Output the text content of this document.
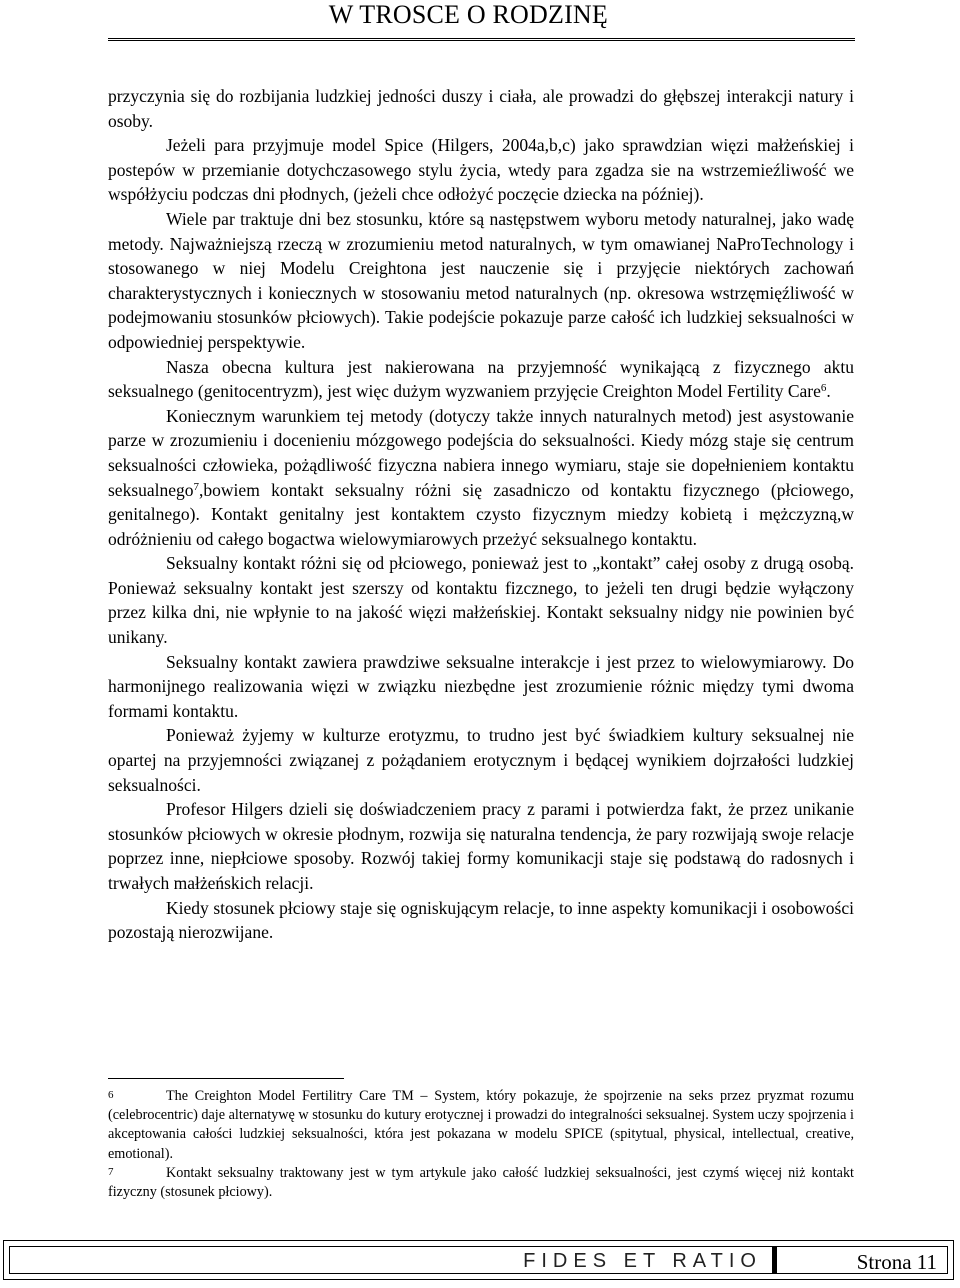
W TROSCE O RODZINĘ

przyczynia się do rozbijania ludzkiej jedności duszy i ciała, ale prowadzi do głębszej interakcji natury i osoby.

Jeżeli para przyjmuje model Spice (Hilgers, 2004a,b,c) jako sprawdzian więzi małżeńskiej i postepów w przemianie dotychczasowego stylu życia, wtedy para zgadza sie na wstrzemieźliwość we współżyciu podczas dni płodnych, (jeżeli chce odłożyć poczęcie dziecka na później).

Wiele par traktuje dni bez stosunku, które są następstwem wyboru metody naturalnej, jako wadę metody. Najważniejszą rzeczą w zrozumieniu metod naturalnych, w tym omawianej NaProTechnology i stosowanego w niej Modelu Creightona jest nauczenie się i przyjęcie niektórych zachowań charakterystycznych i koniecznych w stosowaniu metod naturalnych (np. okresowa wstrzęmięźliwość w podejmowaniu stosunków płciowych). Takie podejście pokazuje parze całość ich ludzkiej seksualności w odpowiedniej perspektywie.

Nasza obecna kultura jest nakierowana na przyjemność wynikającą z fizycznego aktu seksualnego (genitocentryzm), jest więc dużym wyzwaniem przyjęcie Creighton Model Fertility Care$^6$.

Koniecznym warunkiem tej metody (dotyczy także innych naturalnych metod) jest asystowanie parze w zrozumieniu i docenieniu mózgowego podejścia do seksualności. Kiedy mózg staje się centrum seksualności człowieka, pożądliwość fizyczna nabiera innego wymiaru, staje sie dopełnieniem kontaktu seksualnego$^7$,bowiem kontakt seksualny różni się zasadniczo od kontaktu fizycznego (płciowego, genitalnego). Kontakt genitalny jest kontaktem czysto fizycznym miedzy kobietą i mężczyzną,w odróżnieniu od całego bogactwa wielowymiarowych przeżyć seksualnego kontaktu.

Seksualny kontakt różni się od płciowego, ponieważ jest to „kontakt” całej osoby z drugą osobą. Ponieważ seksualny kontakt jest szerszy od kontaktu fizcznego, to jeżeli ten drugi będzie wyłączony przez kilka dni, nie wpłynie to na jakość więzi małżeńskiej. Kontakt seksualny nidgy nie powinien być unikany.

Seksualny kontakt zawiera prawdziwe seksualne interakcje i jest przez to wielowymiarowy. Do harmonijnego realizowania więzi w związku niezbędne jest zrozumienie różnic między tymi dwoma formami kontaktu.

Ponieważ żyjemy w kulturze erotyzmu, to trudno jest być świadkiem kultury seksualnej nie opartej na przyjemności związanej z pożądaniem erotycznym i będącej wynikiem dojrzałości ludzkiej seksualności.

Profesor Hilgers dzieli się doświadczeniem pracy z parami i potwierdza fakt, że przez unikanie stosunków płciowych w okresie płodnym, rozwija się naturalna tendencja, że pary rozwijają swoje relacje poprzez inne, niepłciowe sposoby. Rozwój takiej formy komunikacji staje się podstawą do radosnych i trwałych małżeńskich relacji.

Kiedy stosunek płciowy staje się ogniskującym relacje, to inne aspekty komunikacji i osobowości pozostają nierozwijane.

6	The Creighton Model Fertilitry Care TM – System, który pokazuje, że spojrzenie na seks przez pryzmat rozumu (celebrocentric) daje alternatywę w stosunku do kutury erotycznej i prowadzi do integralności seksualnej. System uczy spojrzenia i akceptowania całości ludzkiej seksualności, która jest pokazana w modelu SPICE (spitytual, physical, intellectual, creative, emotional).

7	Kontakt seksualny traktowany jest w tym artykule jako całość ludzkiej seksualności, jest czymś więcej niż kontakt fizyczny (stosunek płciowy).

FIDES ET RATIO	Strona 11
